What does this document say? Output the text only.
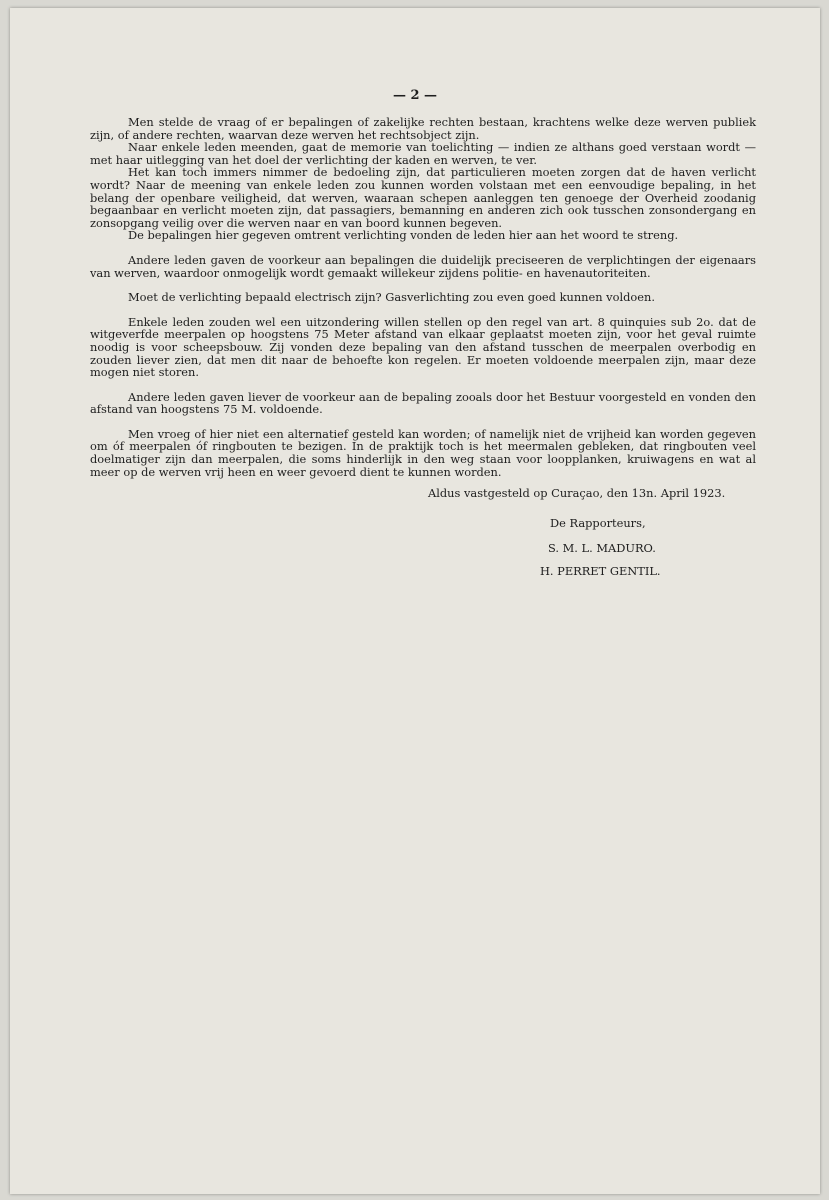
— 2 —

Men stelde de vraag of er bepalingen of zakelijke rechten bestaan, krachtens welke deze werven publiek zijn, of andere rechten, waarvan deze werven het rechtsobject zijn.

Naar enkele leden meenden, gaat de memorie van toelichting — indien ze althans goed verstaan wordt — met haar uitlegging van het doel der verlichting der kaden en werven, te ver.

Het kan toch immers nimmer de bedoeling zijn, dat particulieren moeten zorgen dat de haven verlicht wordt? Naar de meening van enkele leden zou kunnen worden volstaan met een eenvoudige bepaling, in het belang der openbare veiligheid, dat werven, waaraan schepen aanleggen ten genoege der Overheid zoodanig begaanbaar en verlicht moeten zijn, dat passagiers, bemanning en anderen zich ook tusschen zonsondergang en zonsopgang veilig over die werven naar en van boord kunnen begeven.

De bepalingen hier gegeven omtrent verlichting vonden de leden hier aan het woord te streng.

Andere leden gaven de voorkeur aan bepalingen die duidelijk preciseeren de verplichtingen der eigenaars van werven, waardoor onmogelijk wordt gemaakt willekeur zijdens politie- en havenautoriteiten.

Moet de verlichting bepaald electrisch zijn? Gasverlichting zou even goed kunnen voldoen.

Enkele leden zouden wel een uitzondering willen stellen op den regel van art. 8 quinquies sub 2o. dat de witgeverfde meerpalen op hoogstens 75 Meter afstand van elkaar geplaatst moeten zijn, voor het geval ruimte noodig is voor scheepsbouw. Zij vonden deze bepaling van den afstand tusschen de meerpalen overbodig en zouden liever zien, dat men dit naar de behoefte kon regelen. Er moeten voldoende meerpalen zijn, maar deze mogen niet storen.

Andere leden gaven liever de voorkeur aan de bepaling zooals door het Bestuur voorgesteld en vonden den afstand van hoogstens 75 M. voldoende.

Men vroeg of hier niet een alternatief gesteld kan worden; of namelijk niet de vrijheid kan worden gegeven om óf meerpalen óf ringbouten te bezigen. In de praktijk toch is het meermalen gebleken, dat ringbouten veel doelmatiger zijn dan meerpalen, die soms hinderlijk in den weg staan voor loopplanken, kruiwagens en wat al meer op de werven vrij heen en weer gevoerd dient te kunnen worden.

Aldus vastgesteld op Curaçao, den 13n. April 1923.
De Rapporteurs,
S. M. L. MADURO.
H. PERRET GENTIL.
